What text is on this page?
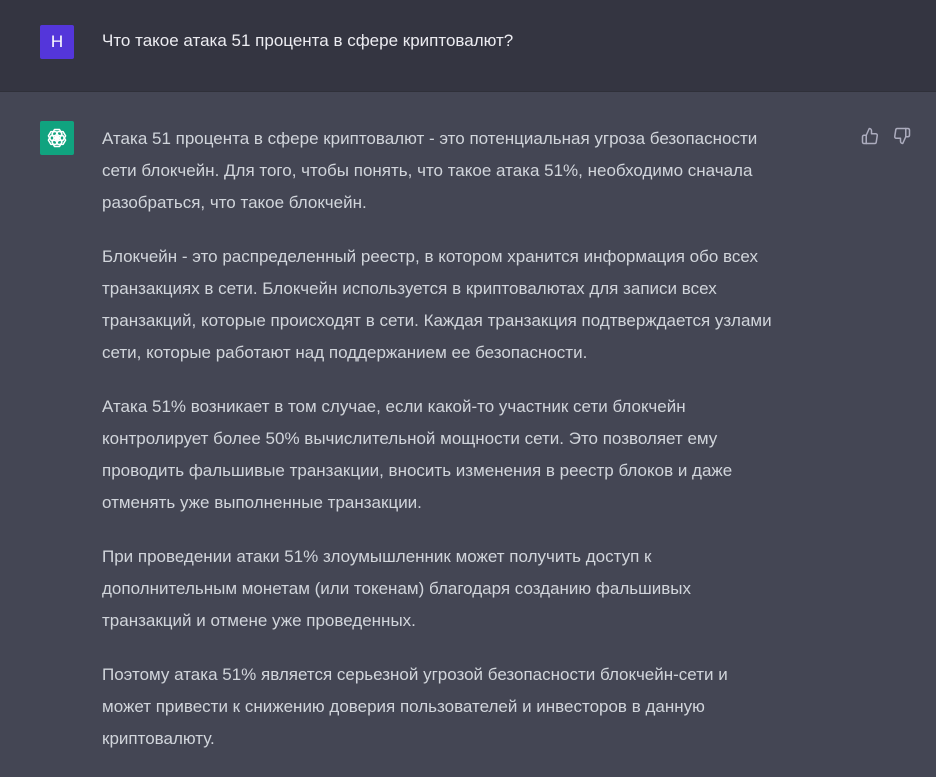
H	Что такое атака 51 процента в сфере криптовалют?

Атака 51 процента в сфере криптовалют - это потенциальная угроза безопасности
сети блокчейн. Для того, чтобы понять, что такое атака 51%, необходимо сначала
разобраться, что такое блокчейн.

Блокчейн - это распределенный реестр, в котором хранится информация обо всех
транзакциях в сети. Блокчейн используется в криптовалютах для записи всех
транзакций, которые происходят в сети. Каждая транзакция подтверждается узлами
сети, которые работают над поддержанием ее безопасности.

Атака 51% возникает в том случае, если какой-то участник сети блокчейн
контролирует более 50% вычислительной мощности сети. Это позволяет ему
проводить фальшивые транзакции, вносить изменения в реестр блоков и даже
отменять уже выполненные транзакции.

При проведении атаки 51% злоумышленник может получить доступ к
дополнительным монетам (или токенам) благодаря созданию фальшивых
транзакций и отмене уже проведенных.

Поэтому атака 51% является серьезной угрозой безопасности блокчейн-сети и
может привести к снижению доверия пользователей и инвесторов в данную
криптовалюту.
